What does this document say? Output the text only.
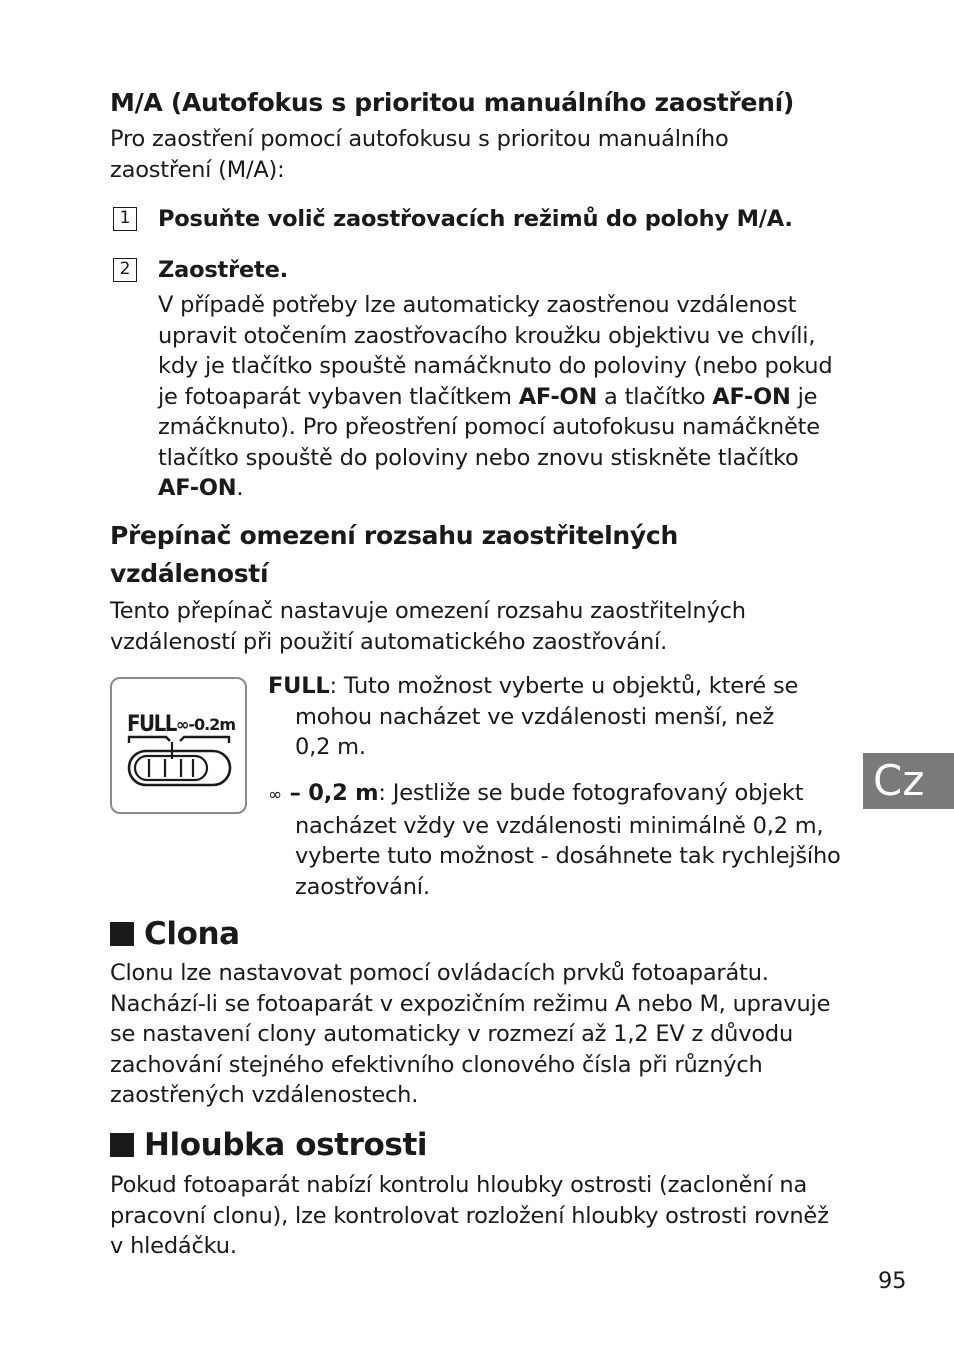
M/A (Autofokus s prioritou manuálního zaostření)
Pro zaostření pomocí autofokusu s prioritou manuálního
zaostření (M/A):
1 Posuňte volič zaostřovacích režimů do polohy M/A.
2 Zaostřete.
V případě potřeby lze automaticky zaostřenou vzdálenost
upravit otočením zaostřovacího kroužku objektivu ve chvíli,
kdy je tlačítko spouště namáčknuto do poloviny (nebo pokud
je fotoaparát vybaven tlačítkem AF-ON a tlačítko AF-ON je
zmáčknuto). Pro přeostření pomocí autofokusu namáčkněte
tlačítko spouště do poloviny nebo znovu stiskněte tlačítko
AF-ON.
Přepínač omezení rozsahu zaostřitelných
vzdáleností
Tento přepínač nastavuje omezení rozsahu zaostřitelných
vzdáleností při použití automatického zaostřování.
FULL ∞-0.2m
FULL: Tuto možnost vyberte u objektů, které se
mohou nacházet ve vzdálenosti menší, než
0,2 m.
∞ – 0,2 m: Jestliže se bude fotografovaný objekt
nacházet vždy ve vzdálenosti minimálně 0,2 m,
vyberte tuto možnost - dosáhnete tak rychlejšího
zaostřování.
Clona
Clonu lze nastavovat pomocí ovládacích prvků fotoaparátu.
Nachází-li se fotoaparát v expozičním režimu A nebo M, upravuje
se nastavení clony automaticky v rozmezí až 1,2 EV z důvodu
zachování stejného efektivního clonového čísla při různých
zaostřených vzdálenostech.
Hloubka ostrosti
Pokud fotoaparát nabízí kontrolu hloubky ostrosti (zaclonění na
pracovní clonu), lze kontrolovat rozložení hloubky ostrosti rovněž
v hledáčku.
Cz
95
